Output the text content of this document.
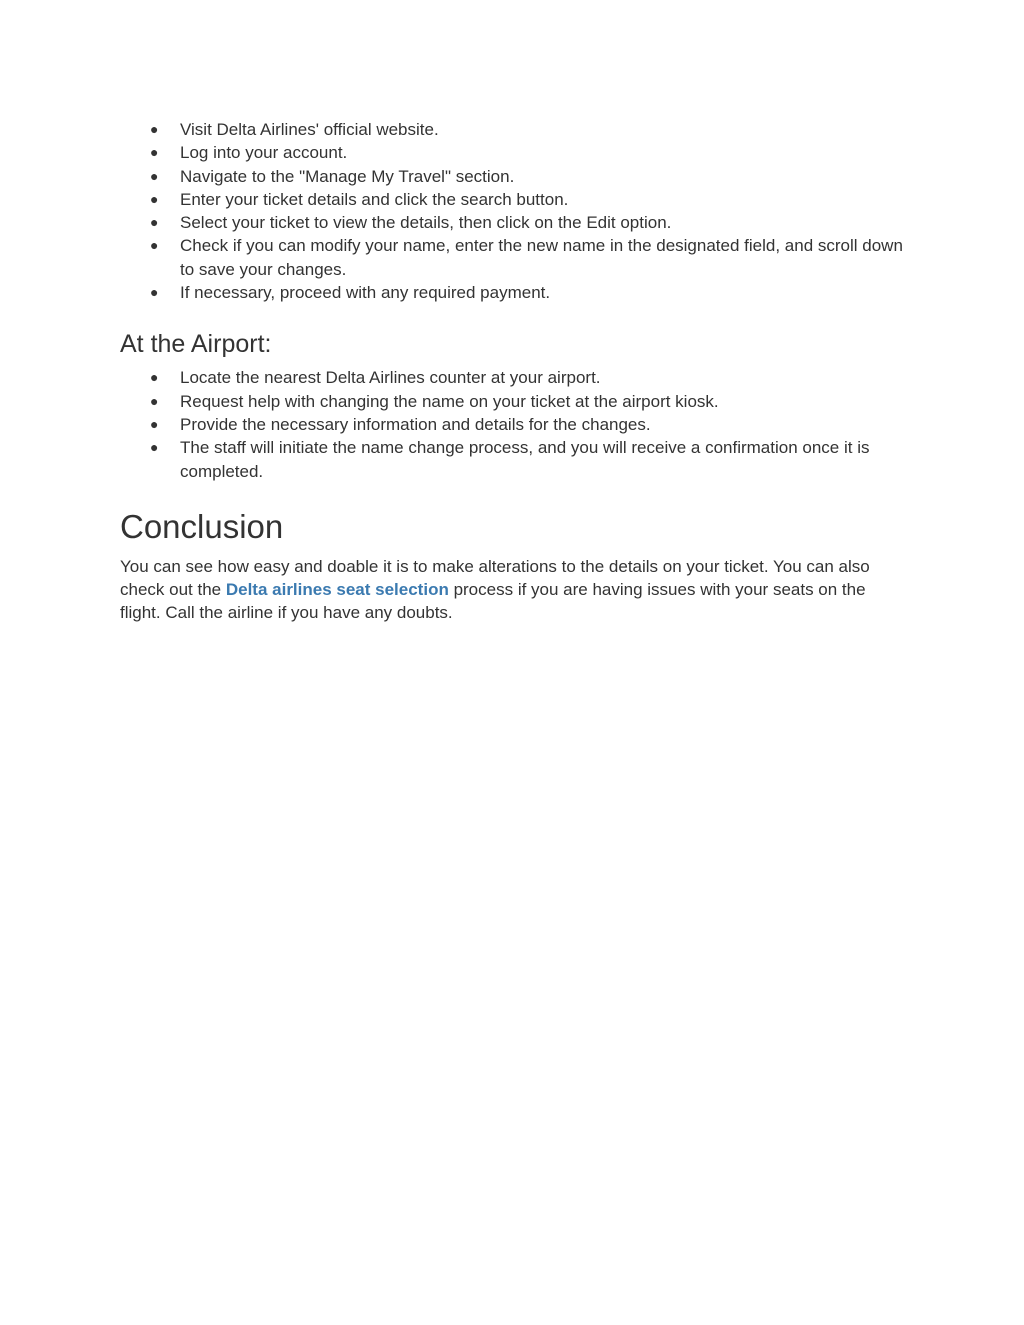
● Visit Delta Airlines' official website.
● Log into your account.
● Navigate to the "Manage My Travel" section.
● Enter your ticket details and click the search button.
● Select your ticket to view the details, then click on the Edit option.
● Check if you can modify your name, enter the new name in the designated field, and scroll down to save your changes.
● If necessary, proceed with any required payment.
At the Airport:
● Locate the nearest Delta Airlines counter at your airport.
● Request help with changing the name on your ticket at the airport kiosk.
● Provide the necessary information and details for the changes.
● The staff will initiate the name change process, and you will receive a confirmation once it is completed.
Conclusion

You can see how easy and doable it is to make alterations to the details on your ticket. You can also check out the Delta airlines seat selection process if you are having issues with your seats on the flight. Call the airline if you have any doubts.
